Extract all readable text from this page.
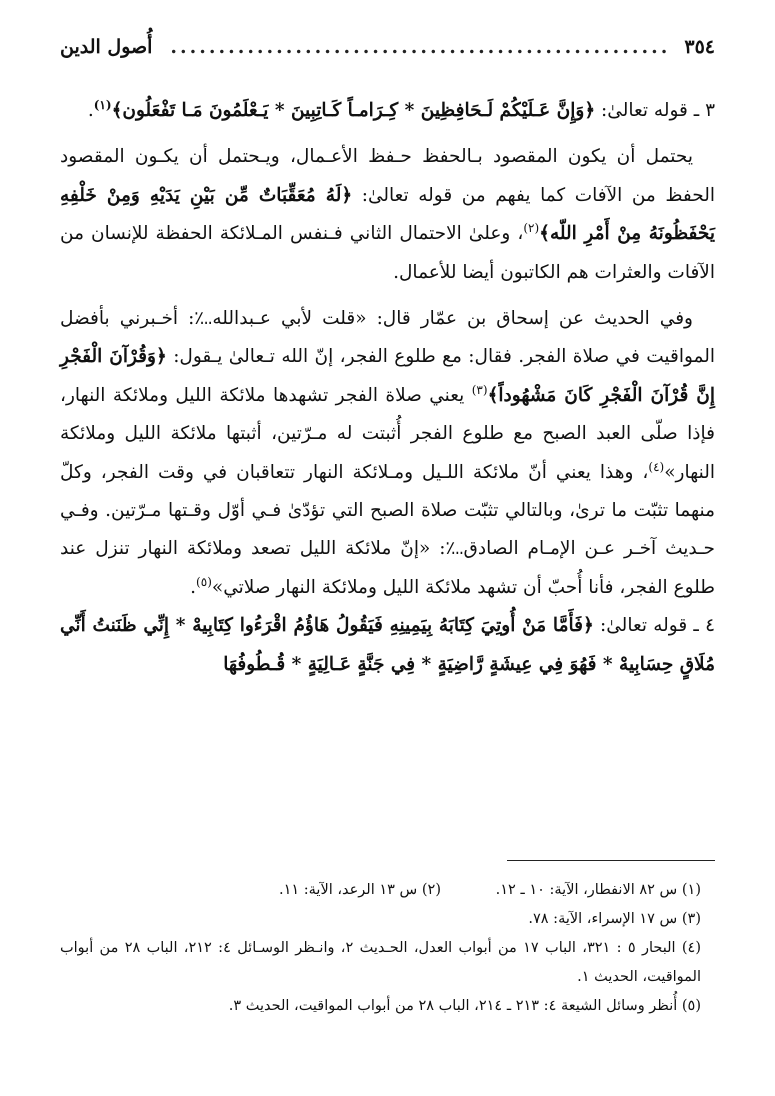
٣٥٤
.....
أُصول الدين

٣ ـ قوله تعالىٰ: ﴿وَإِنَّ عَـلَيْكُمْ لَـحَافِظِينَ * كِـرَامـاً كَـاتِبِينَ * يَـعْلَمُونَ مَـا تَفْعَلُون﴾$^{(١)}$.

يحتمل أن يكون المقصود بـالحفظ حـفظ الأعـمال، ويـحتمل أن يكـون المقصود الحفظ من الآفات كما يفهم من قوله تعالىٰ: ﴿لَهُ مُعَقِّبَاتٌ مِّن بَيْنِ يَدَيْهِ وَمِنْ خَلْفِهِ يَحْفَظُونَهُ مِنْ أَمْرِ اللّه﴾$^{(٢)}$، وعلىٰ الاحتمال الثاني فـنفس المـلائكة الحفظة للإنسان من الآفات والعثرات هم الكاتبون أيضا للأعمال.

وفي الحديث عن إسحاق بن عمّار قال: «قلت لأبي عـبدالله؊: أخـبرني بأفضل المواقيت في صلاة الفجر. فقال: مع طلوع الفجر، إنّ الله تـعالىٰ يـقول: ﴿وَقُرْآنَ الْفَجْرِ إِنَّ قُرْآنَ الْفَجْرِ كَانَ مَشْهُوداً﴾$^{(٣)}$ يعني صلاة الفجر تشهدها ملائكة الليل وملائكة النهار، فإذا صلّى العبد الصبح مع طلوع الفجر أُثبتت له مـرّتين، أثبتها ملائكة الليل وملائكة النهار»$^{(٤)}$، وهذا يعني أنّ ملائكة اللـيل ومـلائكة النهار تتعاقبان في وقت الفجر، وكلّ منهما تثبّت ما ترىٰ، وبالتالي تثبّت صلاة الصبح التي تؤدّىٰ فـي أوّل وقـتها مـرّتين. وفـي حـديث آخـر عـن الإمـام الصادق؊: «إنّ ملائكة الليل تصعد وملائكة النهار تنزل عند طلوع الفجر، فأنا أُحبّ أن تشهد ملائكة الليل وملائكة النهار صلاتي»$^{(٥)}$.

٤ ـ قوله تعالىٰ: ﴿فَأَمَّا مَنْ أُوتِيَ كِتَابَهُ بِيَمِينِهِ فَيَقُولُ هَاؤُمُ اقْرَءُوا كِتَابِيهْ * إِنِّي ظَنَنتُ أَنِّي مُلَاقٍ حِسَابِيهْ * فَهُوَ فِي عِيشَةٍ رَّاضِيَةٍ * فِي جَنَّةٍ عَـالِيَةٍ * قُـطُوفُهَا

(١) س ٨٢ الانفطار، الآية: ١٠ ـ ١٢.
(٢) س ١٣ الرعد، الآية: ١١.
(٣) س ١٧ الإسراء، الآية: ٧٨.
(٤) البحار ٥ : ٣٢١، الباب ١٧ من أبواب العدل، الحـديث ٢، وانـظر الوسـائل ٤: ٢١٢، الباب ٢٨ من أبواب المواقيت، الحديث ١.
(٥) أُنظر وسائل الشيعة ٤: ٢١٣ ـ ٢١٤، الباب ٢٨ من أبواب المواقيت، الحديث ٣.
